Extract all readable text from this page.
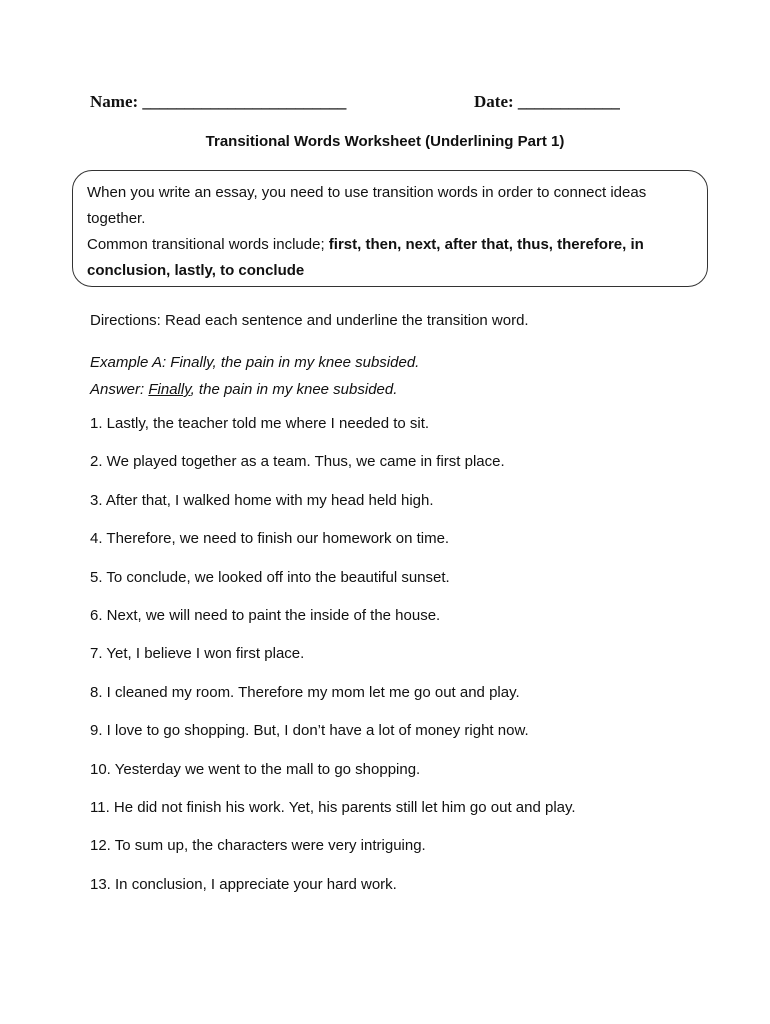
Name: ________________________	Date: ____________
Transitional Words Worksheet (Underlining Part 1)

When you write an essay, you need to use transition words in order to connect ideas together.

Common transitional words include; first, then, next, after that, thus, therefore, in conclusion, lastly, to conclude

Directions: Read each sentence and underline the transition word.

Example A: Finally, the pain in my knee subsided.

Answer: Finally, the pain in my knee subsided.

1. Lastly, the teacher told me where I needed to sit.
2. We played together as a team. Thus, we came in first place.
3. After that, I walked home with my head held high.
4. Therefore, we need to finish our homework on time.
5. To conclude, we looked off into the beautiful sunset.
6. Next, we will need to paint the inside of the house.
7. Yet, I believe I won first place.
8. I cleaned my room. Therefore my mom let me go out and play.
9. I love to go shopping. But, I don’t have a lot of money right now.
10. Yesterday we went to the mall to go shopping.
11. He did not finish his work. Yet, his parents still let him go out and play.
12. To sum up, the characters were very intriguing.
13. In conclusion, I appreciate your hard work.
